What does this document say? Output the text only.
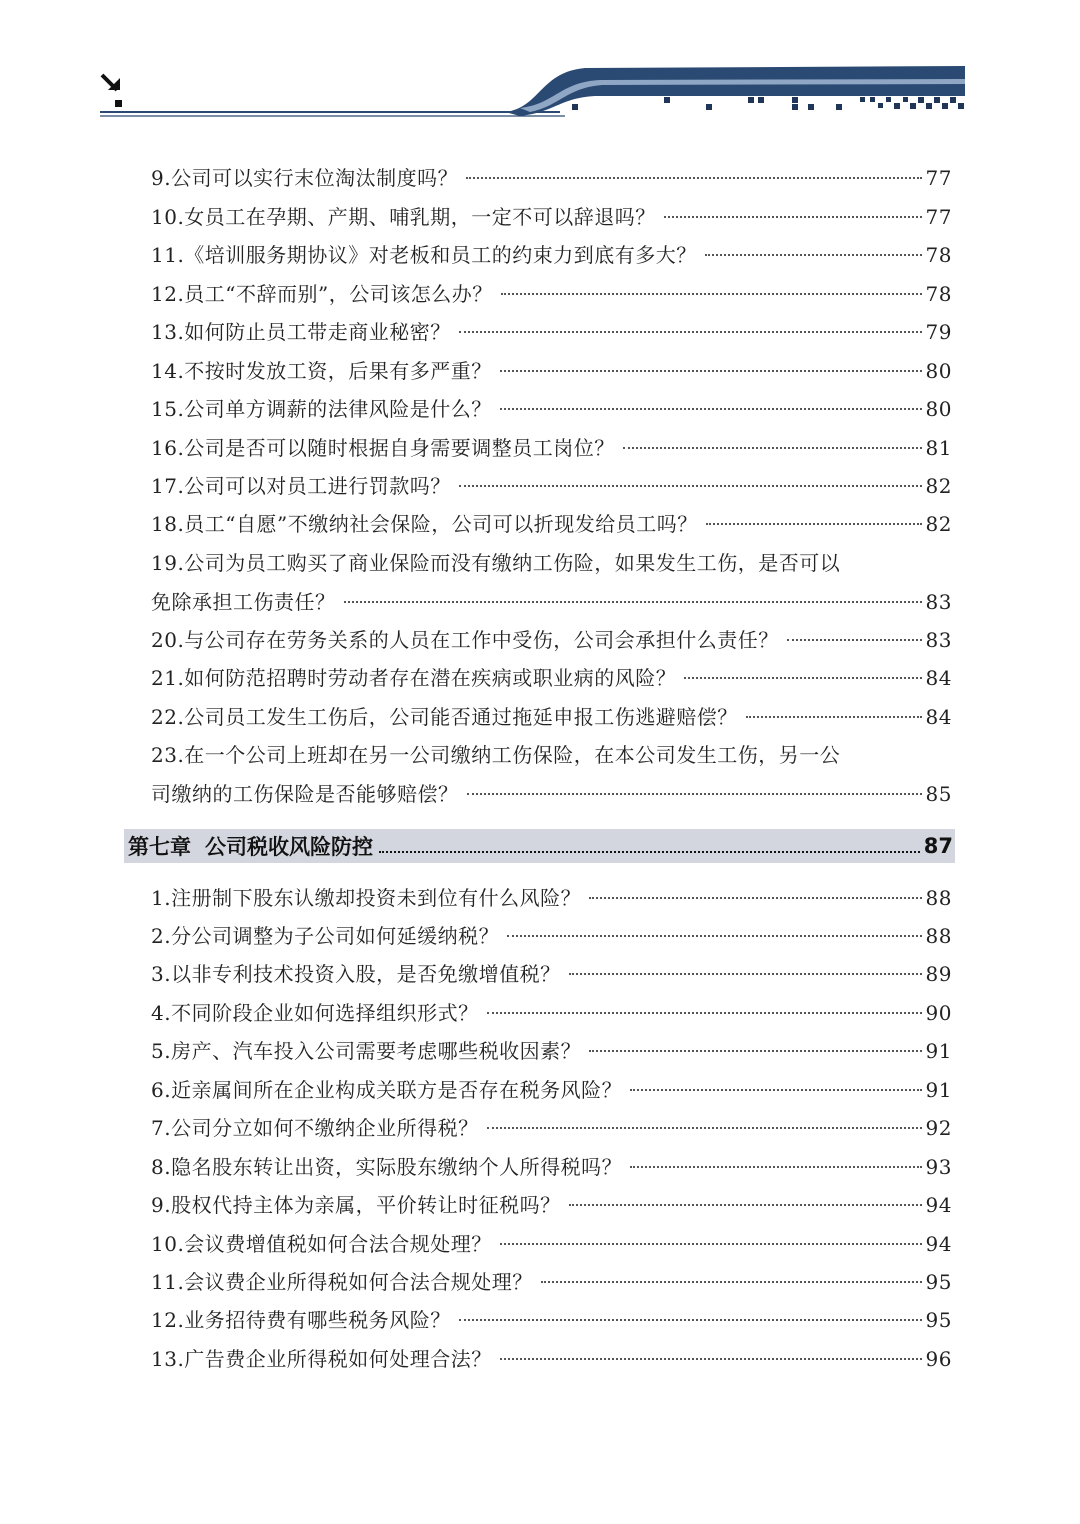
9.公司可以实行末位淘汰制度吗？	77
10.女员工在孕期、产期、哺乳期，一定不可以辞退吗？	77
11.《培训服务期协议》对老板和员工的约束力到底有多大？	78
12.员工“不辞而别”，公司该怎么办？	78
13.如何防止员工带走商业秘密？	79
14.不按时发放工资，后果有多严重？	80
15.公司单方调薪的法律风险是什么？	80
16.公司是否可以随时根据自身需要调整员工岗位？	81
17.公司可以对员工进行罚款吗？	82
18.员工“自愿”不缴纳社会保险，公司可以折现发给员工吗？	82
19.公司为员工购买了商业保险而没有缴纳工伤险，如果发生工伤，是否可以
免除承担工伤责任？	83
20.与公司存在劳务关系的人员在工作中受伤，公司会承担什么责任？	83
21.如何防范招聘时劳动者存在潜在疾病或职业病的风险？	84
22.公司员工发生工伤后，公司能否通过拖延申报工伤逃避赔偿？	84
23.在一个公司上班却在另一公司缴纳工伤保险，在本公司发生工伤，另一公
司缴纳的工伤保险是否能够赔偿？	85
第七章 公司税收风险防控	87
1.注册制下股东认缴却投资未到位有什么风险？	88
2.分公司调整为子公司如何延缓纳税？	88
3.以非专利技术投资入股，是否免缴增值税？	89
4.不同阶段企业如何选择组织形式？	90
5.房产、汽车投入公司需要考虑哪些税收因素？	91
6.近亲属间所在企业构成关联方是否存在税务风险？	91
7.公司分立如何不缴纳企业所得税？	92
8.隐名股东转让出资，实际股东缴纳个人所得税吗？	93
9.股权代持主体为亲属，平价转让时征税吗？	94
10.会议费增值税如何合法合规处理？	94
11.会议费企业所得税如何合法合规处理？	95
12.业务招待费有哪些税务风险？	95
13.广告费企业所得税如何处理合法？	96
